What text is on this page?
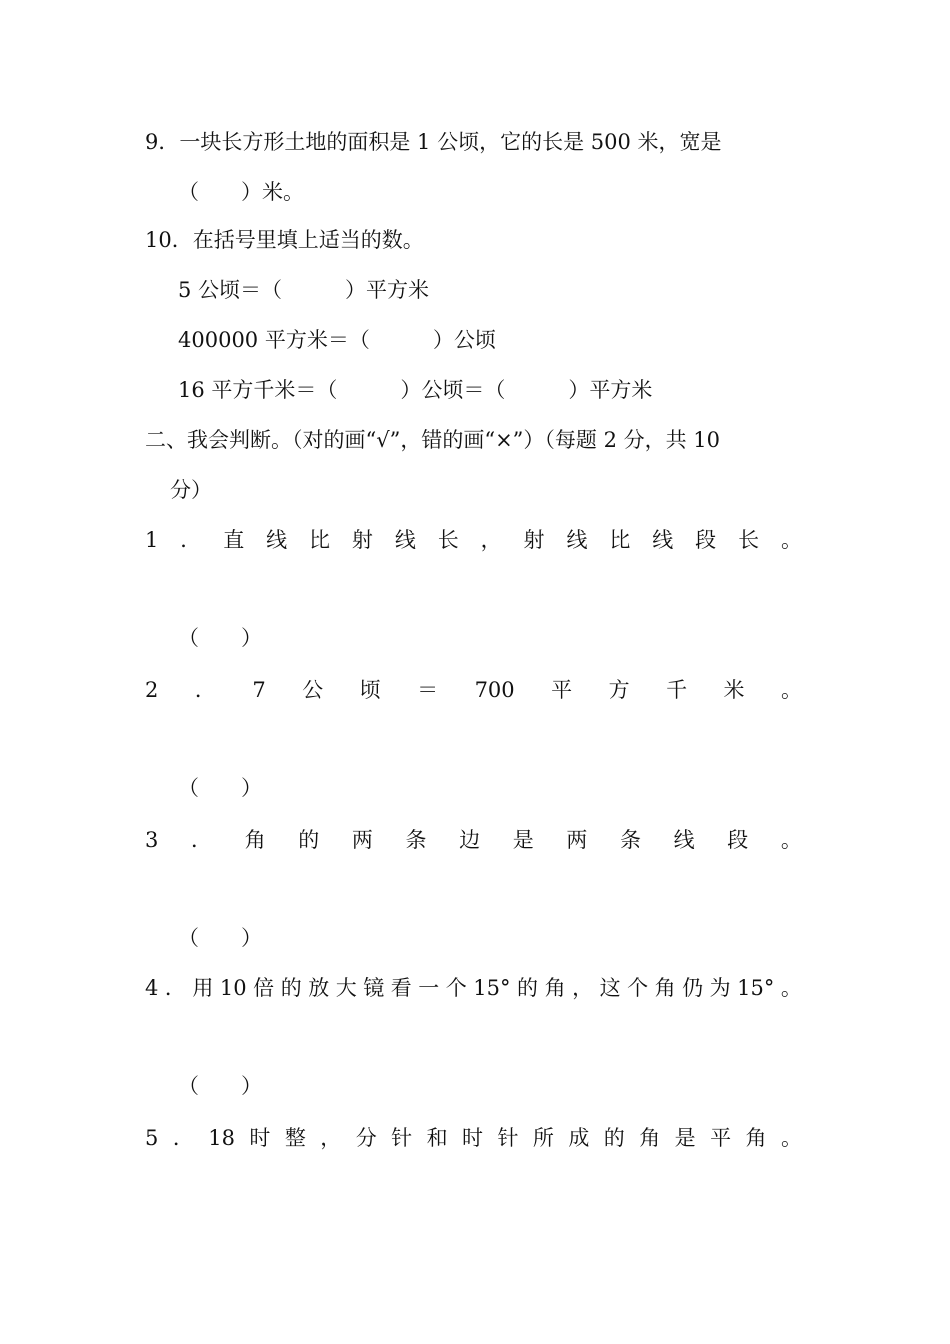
9．一块长方形土地的面积是 1 公顷，它的长是 500 米，宽是
（　　）米。
10．在括号里填上适当的数。
5 公顷＝（　　　）平方米
400000 平方米＝（　　　）公顷
16 平方千米＝（　　　）公顷＝（　　　）平方米
二、我会判断。（对的画“√”，错的画“×”）（每题 2 分，共 10
分）
1 ． 直 线 比 射 线 长 ， 射 线 比 线 段 长 。
（　　）
2 ． 7 公 顷 ＝ 700 平 方 千 米 。
（　　）
3 ． 角 的 两 条 边 是 两 条 线 段 。
（　　）
4 ． 用 10 倍 的 放 大 镜 看 一 个 15° 的 角 ， 这 个 角 仍 为 15° 。
（　　）
5 ． 18 时 整 ， 分 针 和 时 针 所 成 的 角 是 平 角 。
